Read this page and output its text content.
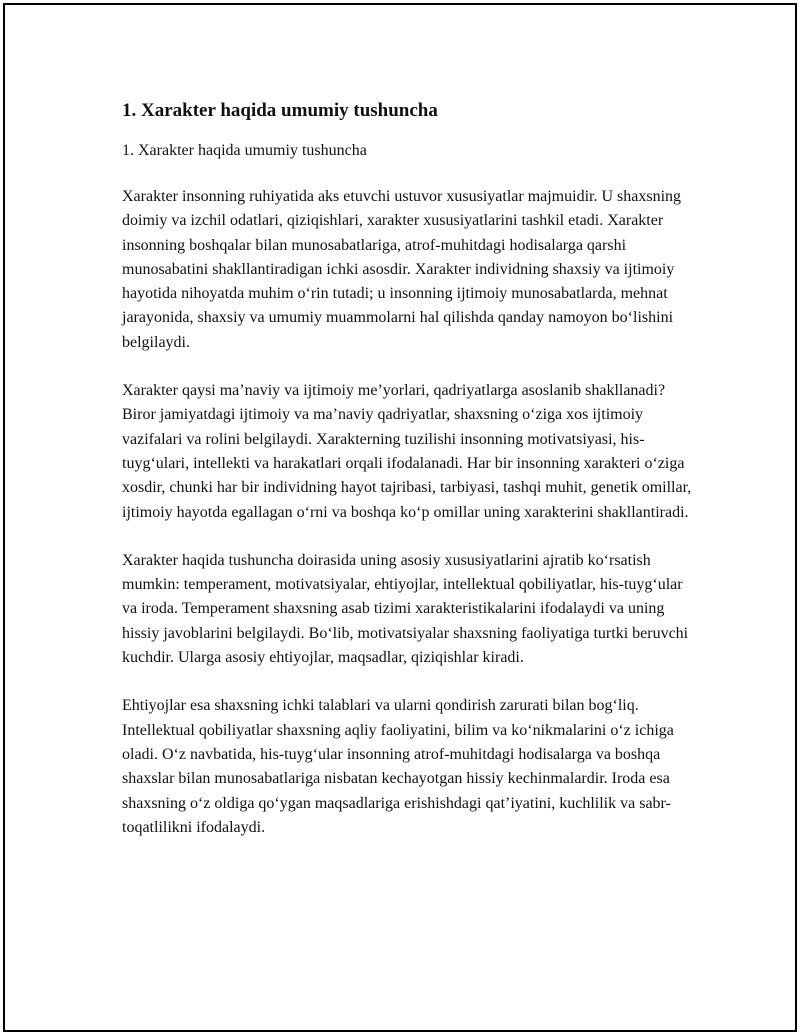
1. Xarakter haqida umumiy tushuncha

1. Xarakter haqida umumiy tushuncha

Xarakter insonning ruhiyatida aks etuvchi ustuvor xususiyatlar majmuidir. U shaxsning doimiy va izchil odatlari, qiziqishlari, xarakter xususiyatlarini tashkil etadi. Xarakter insonning boshqalar bilan munosabatlariga, atrof-muhitdagi hodisalarga qarshi munosabatini shakllantiradigan ichki asosdir. Xarakter individning shaxsiy va ijtimoiy hayotida nihoyatda muhim o‘rin tutadi; u insonning ijtimoiy munosabatlarda, mehnat jarayonida, shaxsiy va umumiy muammolarni hal qilishda qanday namoyon bo‘lishini belgilaydi.

Xarakter qaysi ma’naviy va ijtimoiy me’yorlari, qadriyatlarga asoslanib shakllanadi? Biror jamiyatdagi ijtimoiy va ma’naviy qadriyatlar, shaxsning o‘ziga xos ijtimoiy vazifalari va rolini belgilaydi. Xarakterning tuzilishi insonning motivatsiyasi, his-tuyg‘ulari, intellekti va harakatlari orqali ifodalanadi. Har bir insonning xarakteri o‘ziga xosdir, chunki har bir individning hayot tajribasi, tarbiyasi, tashqi muhit, genetik omillar, ijtimoiy hayotda egallagan o‘rni va boshqa ko‘p omillar uning xarakterini shakllantiradi.

Xarakter haqida tushuncha doirasida uning asosiy xususiyatlarini ajratib ko‘rsatish mumkin: temperament, motivatsiyalar, ehtiyojlar, intellektual qobiliyatlar, his-tuyg‘ular va iroda. Temperament shaxsning asab tizimi xarakteristikalarini ifodalaydi va uning hissiy javoblarini belgilaydi. Bo‘lib, motivatsiyalar shaxsning faoliyatiga turtki beruvchi kuchdir. Ularga asosiy ehtiyojlar, maqsadlar, qiziqishlar kiradi.

Ehtiyojlar esa shaxsning ichki talablari va ularni qondirish zarurati bilan bog‘liq. Intellektual qobiliyatlar shaxsning aqliy faoliyatini, bilim va ko‘nikmalarini o‘z ichiga oladi. O‘z navbatida, his-tuyg‘ular insonning atrof-muhitdagi hodisalarga va boshqa shaxslar bilan munosabatlariga nisbatan kechayotgan hissiy kechinmalardir. Iroda esa shaxsning o‘z oldiga qo‘ygan maqsadlariga erishishdagi qat’iyatini, kuchlilik va sabr-toqatlilikni ifodalaydi.
